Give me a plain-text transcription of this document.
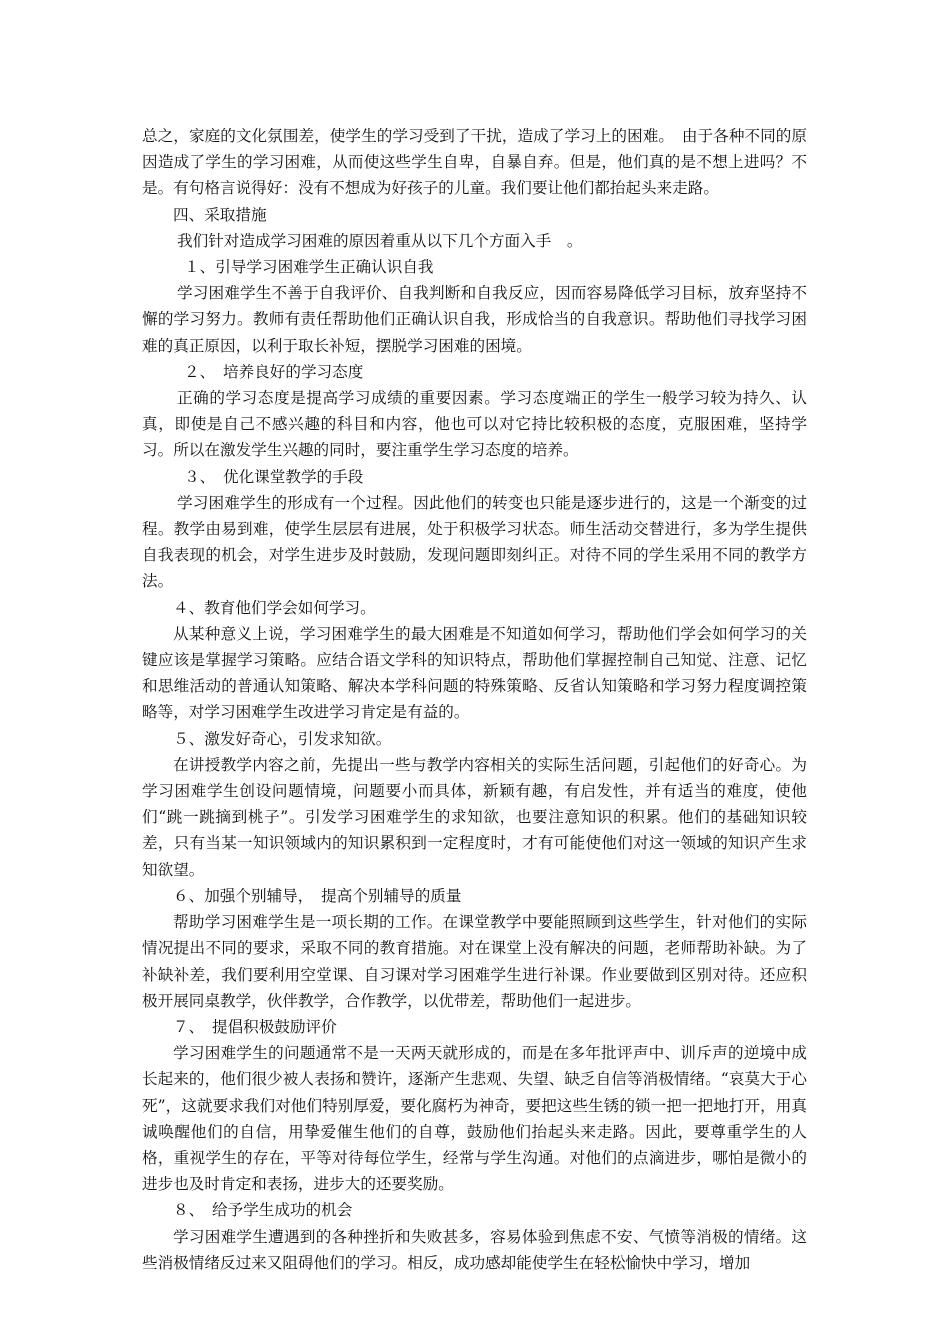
总之，家庭的文化氛围差，使学生的学习受到了干扰，造成了学习上的困难。　由于各种不同的原因造成了学生的学习困难，从而使这些学生自卑，自暴自弃。但是，他们真的是不想上进吗？不是。有句格言说得好：没有不想成为好孩子的儿童。我们要让他们都抬起头来走路。

四、采取措施

我们针对造成学习困难的原因着重从以下几个方面入手　。

１、引导学习困难学生正确认识自我

学习困难学生不善于自我评价、自我判断和自我反应，因而容易降低学习目标，放弃坚持不懈的学习努力。教师有责任帮助他们正确认识自我，形成恰当的自我意识。帮助他们寻找学习困难的真正原因，以利于取长补短，摆脱学习困难的困境。

２、　培养良好的学习态度

正确的学习态度是提高学习成绩的重要因素。学习态度端正的学生一般学习较为持久、认真，即使是自己不感兴趣的科目和内容，他也可以对它持比较积极的态度，克服困难，坚持学习。所以在激发学生兴趣的同时，要注重学生学习态度的培养。

３、　优化课堂教学的手段

学习困难学生的形成有一个过程。因此他们的转变也只能是逐步进行的，这是一个渐变的过程。教学由易到难，使学生层层有进展，处于积极学习状态。师生活动交替进行，多为学生提供自我表现的机会，对学生进步及时鼓励，发现问题即刻纠正。对待不同的学生采用不同的教学方法。

４、教育他们学会如何学习。

从某种意义上说，学习困难学生的最大困难是不知道如何学习，帮助他们学会如何学习的关键应该是掌握学习策略。应结合语文学科的知识特点，帮助他们掌握控制自己知觉、注意、记忆和思维活动的普通认知策略、解决本学科问题的特殊策略、反省认知策略和学习努力程度调控策略等，对学习困难学生改进学习肯定是有益的。

５、激发好奇心，引发求知欲。

在讲授教学内容之前，先提出一些与教学内容相关的实际生活问题，引起他们的好奇心。为学习困难学生创设问题情境，问题要小而具体，新颖有趣，有启发性，并有适当的难度，使他们“跳一跳摘到桃子”。引发学习困难学生的求知欲，也要注意知识的积累。他们的基础知识较差，只有当某一知识领域内的知识累积到一定程度时，才有可能使他们对这一领域的知识产生求知欲望。

６、加强个别辅导，　提高个别辅导的质量

帮助学习困难学生是一项长期的工作。在课堂教学中要能照顾到这些学生，针对他们的实际情况提出不同的要求，采取不同的教育措施。对在课堂上没有解决的问题，老师帮助补缺。为了补缺补差，我们要利用空堂课、自习课对学习困难学生进行补课。作业要做到区别对待。还应积极开展同桌教学，伙伴教学，合作教学，以优带差，帮助他们一起进步。

７、　提倡积极鼓励评价

学习困难学生的问题通常不是一天两天就形成的，而是在多年批评声中、训斥声的逆境中成长起来的，他们很少被人表扬和赞许，逐渐产生悲观、失望、缺乏自信等消极情绪。“哀莫大于心死”，这就要求我们对他们特别厚爱，要化腐朽为神奇，要把这些生锈的锁一把一把地打开，用真诚唤醒他们的自信，用挚爱催生他们的自尊，鼓励他们抬起头来走路。因此，要尊重学生的人格，重视学生的存在，平等对待每位学生，经常与学生沟通。对他们的点滴进步，哪怕是微小的进步也及时肯定和表扬，进步大的还要奖励。

８、　给予学生成功的机会

学习困难学生遭遇到的各种挫折和失败甚多，容易体验到焦虑不安、气愤等消极的情绪。这些消极情绪反过来又阻碍他们的学习。相反，成功感却能使学生在轻松愉快中学习，增加
